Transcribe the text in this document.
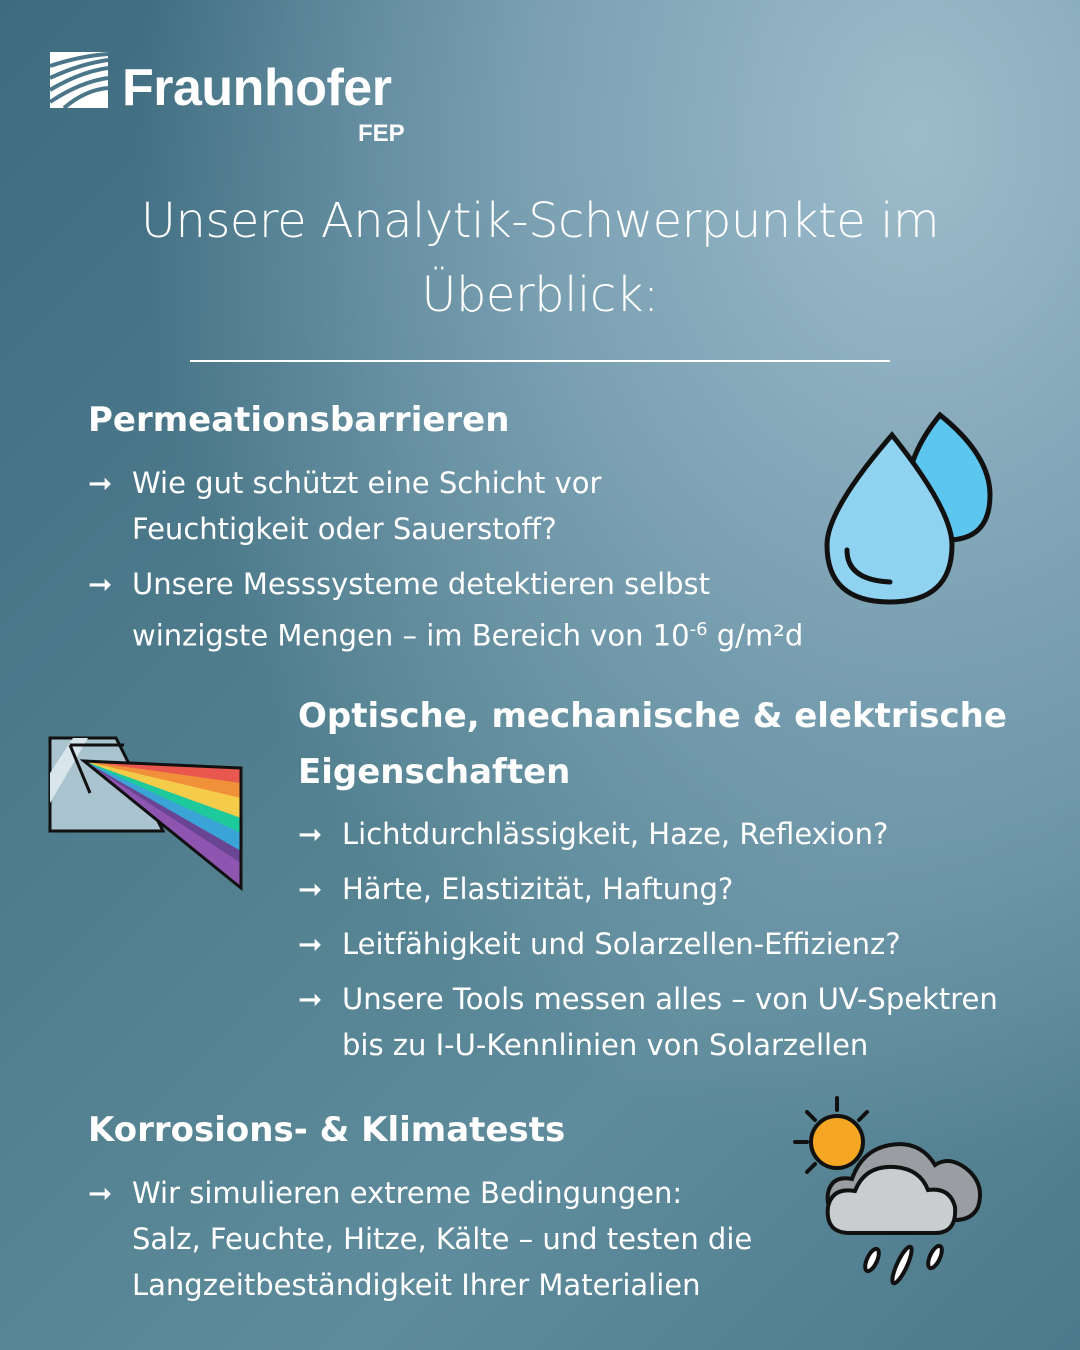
Fraunhofer
FEP
Unsere Analytik-Schwerpunkte im
Überblick:
Permeationsbarrieren
➞ Wie gut schützt eine Schicht vor
Feuchtigkeit oder Sauerstoff?
➞ Unsere Messsysteme detektieren selbst
winzigste Mengen – im Bereich von $10^{-6}$ g/m²d
Optische, mechanische & elektrische
Eigenschaften
➞ Lichtdurchlässigkeit, Haze, Reflexion?
➞ Härte, Elastizität, Haftung?
➞ Leitfähigkeit und Solarzellen-Effizienz?
➞ Unsere Tools messen alles – von UV-Spektren
bis zu I-U-Kennlinien von Solarzellen
Korrosions- & Klimatests
➞ Wir simulieren extreme Bedingungen:
Salz, Feuchte, Hitze, Kälte – und testen die
Langzeitbeständigkeit Ihrer Materialien
